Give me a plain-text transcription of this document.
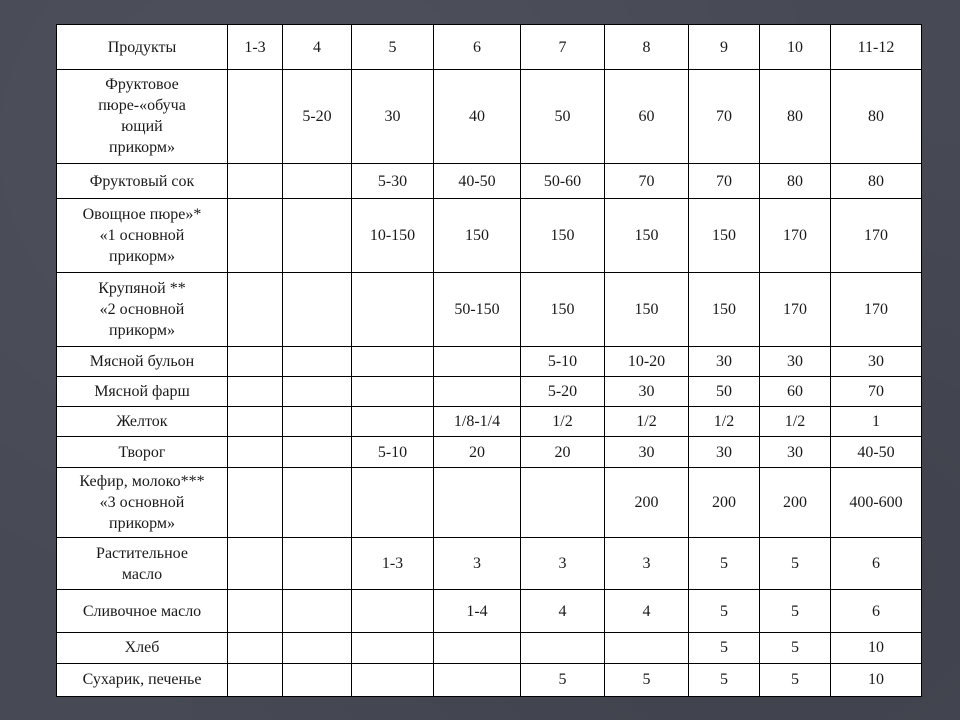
Продукты	1-3	4	5	6	7	8	9	10	11-12
Фруктовое
пюре-«обуча
ющий
прикорм»		5-20	30	40	50	60	70	80	80
Фруктовый сок			5-30	40-50	50-60	70	70	80	80
Овощное пюре»*
«1 основной
прикорм»			10-150	150	150	150	150	170	170
Крупяной **
«2 основной
прикорм»				50-150	150	150	150	170	170
Мясной бульон					5-10	10-20	30	30	30
Мясной фарш					5-20	30	50	60	70
Желток				1/8-1/4	1/2	1/2	1/2	1/2	1
Творог			5-10	20	20	30	30	30	40-50
Кефир, молоко***
«3 основной
прикорм»						200	200	200	400-600
Растительное
масло			1-3	3	3	3	5	5	6
Сливочное масло				1-4	4	4	5	5	6
Хлеб							5	5	10
Сухарик, печенье					5	5	5	5	10
